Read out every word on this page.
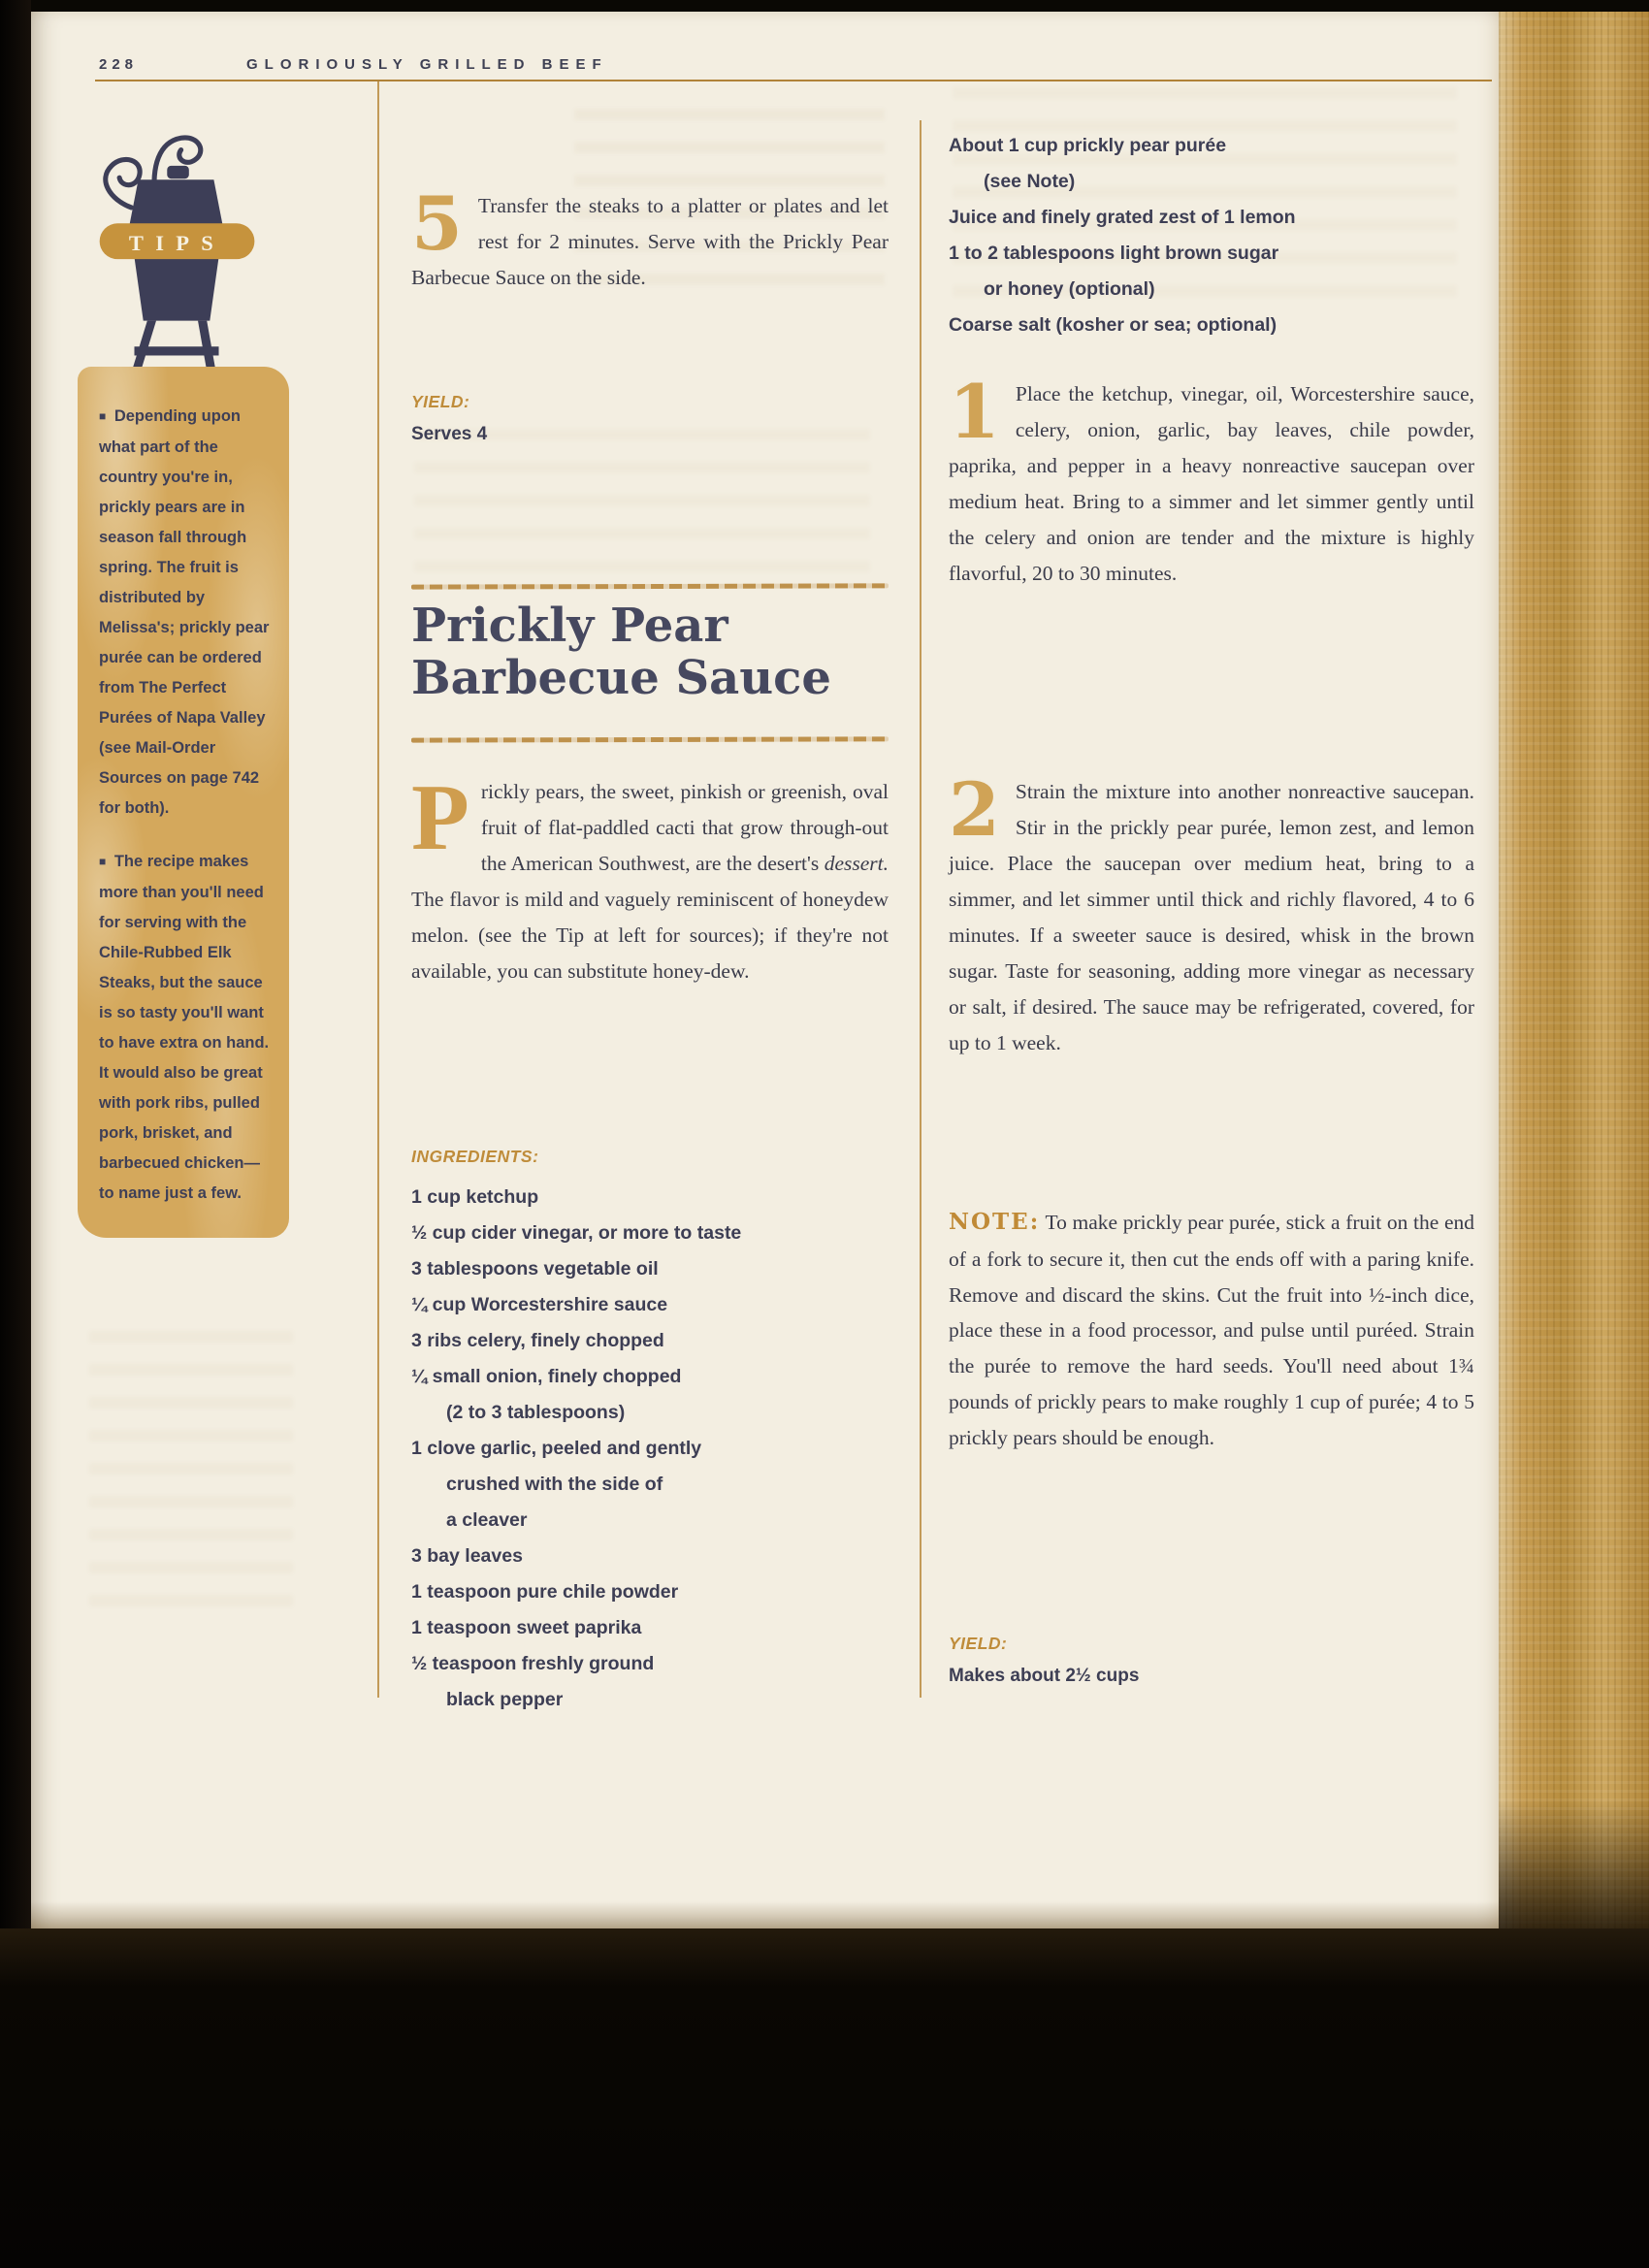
228	GLORIOUSLY GRILLED BEEF
TIPS
■ Depending upon what part of the country you're in, prickly pears are in season fall through spring. The fruit is distributed by Melissa's; prickly pear purée can be ordered from The Perfect Purées of Napa Valley (see Mail-Order Sources on page 742 for both).
■ The recipe makes more than you'll need for serving with the Chile-Rubbed Elk Steaks, but the sauce is so tasty you'll want to have extra on hand. It would also be great with pork ribs, pulled pork, brisket, and barbecued chicken—to name just a few.

5 Transfer the steaks to a platter or plates and let rest for 2 minutes. Serve with the Prickly Pear Barbecue Sauce on the side.

YIELD:
Serves 4
Prickly Pear
Barbecue Sauce

P rickly pears, the sweet, pinkish or greenish, oval fruit of flat-paddled cacti that grow through-out the American Southwest, are the desert's dessert. The flavor is mild and vaguely reminiscent of honeydew melon. (see the Tip at left for sources); if they're not available, you can substitute honey-dew.

INGREDIENTS:
1 cup ketchup
½ cup cider vinegar, or more to taste
3 tablespoons vegetable oil
¼ cup Worcestershire sauce
3 ribs celery, finely chopped
¼ small onion, finely chopped
(2 to 3 tablespoons)
1 clove garlic, peeled and gently
crushed with the side of
a cleaver
3 bay leaves
1 teaspoon pure chile powder
1 teaspoon sweet paprika
½ teaspoon freshly ground
black pepper
About 1 cup prickly pear purée
(see Note)
Juice and finely grated zest of 1 lemon
1 to 2 tablespoons light brown sugar
or honey (optional)
Coarse salt (kosher or sea; optional)

1 Place the ketchup, vinegar, oil, Worcestershire sauce, celery, onion, garlic, bay leaves, chile powder, paprika, and pepper in a heavy nonreactive saucepan over medium heat. Bring to a simmer and let simmer gently until the celery and onion are tender and the mixture is highly flavorful, 20 to 30 minutes.

2 Strain the mixture into another nonreactive saucepan. Stir in the prickly pear purée, lemon zest, and lemon juice. Place the saucepan over medium heat, bring to a simmer, and let simmer until thick and richly flavored, 4 to 6 minutes. If a sweeter sauce is desired, whisk in the brown sugar. Taste for seasoning, adding more vinegar as necessary or salt, if desired. The sauce may be refrigerated, covered, for up to 1 week.

NOTE: To make prickly pear purée, stick a fruit on the end of a fork to secure it, then cut the ends off with a paring knife. Remove and discard the skins. Cut the fruit into ½-inch dice, place these in a food processor, and pulse until puréed. Strain the purée to remove the hard seeds. You'll need about 1¾ pounds of prickly pears to make roughly 1 cup of purée; 4 to 5 prickly pears should be enough.

YIELD:
Makes about 2½ cups
